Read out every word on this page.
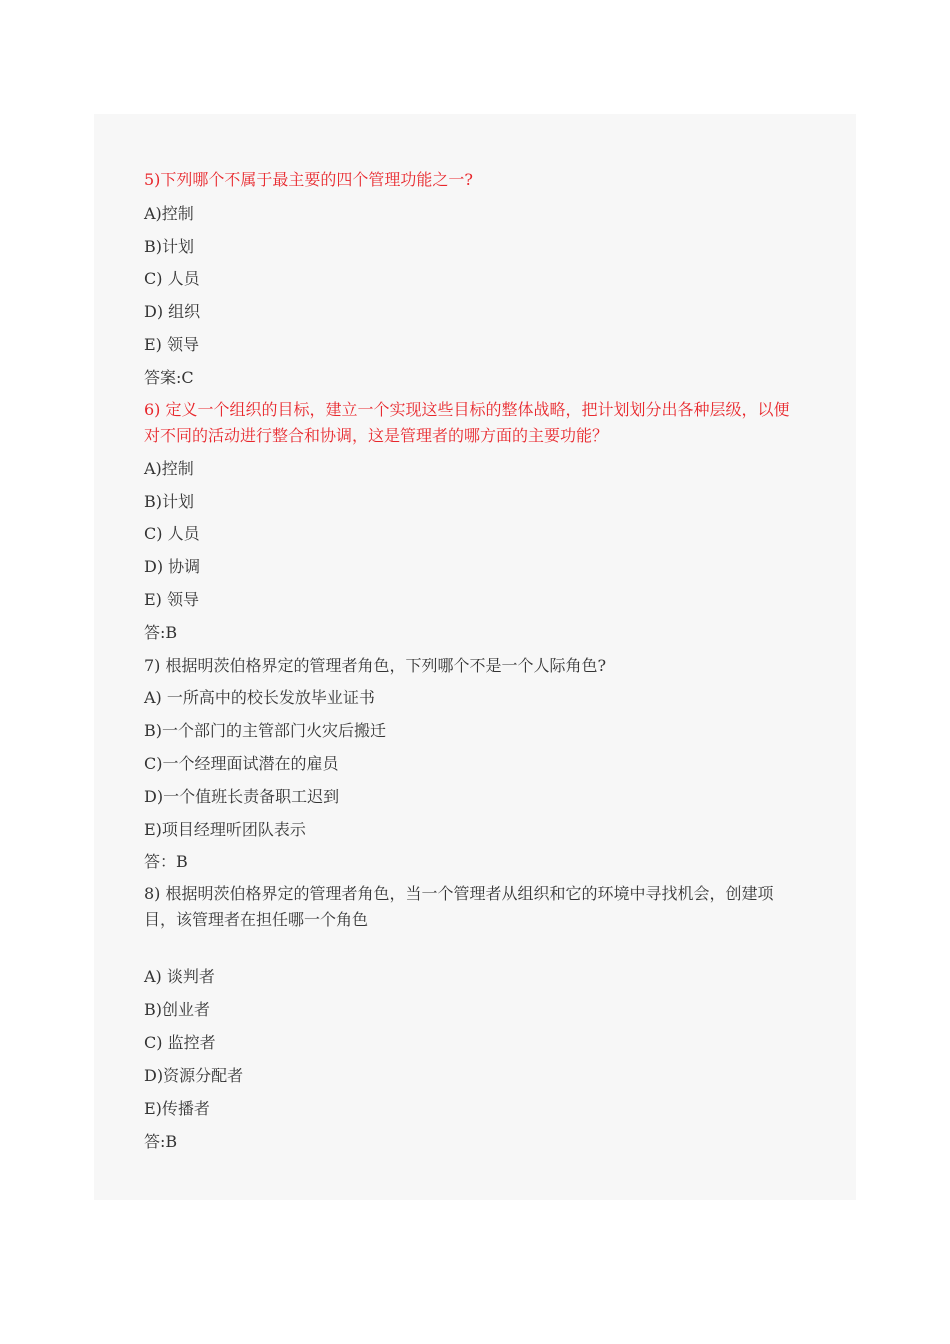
5)下列哪个不属于最主要的四个管理功能之一?

A)控制

B)计划

C) 人员

D) 组织

E) 领导

答案:C

6) 定义一个组织的目标，建立一个实现这些目标的整体战略，把计划划分出各种层级，以便对不同的活动进行整合和协调，这是管理者的哪方面的主要功能？

A)控制

B)计划

C) 人员

D) 协调

E) 领导

答:B

7) 根据明茨伯格界定的管理者角色，下列哪个不是一个人际角色?

A) 一所高中的校长发放毕业证书

B)一个部门的主管部门火灾后搬迁

C)一个经理面试潜在的雇员

D)一个值班长责备职工迟到

E)项目经理听团队表示

答：B

8) 根据明茨伯格界定的管理者角色，当一个管理者从组织和它的环境中寻找机会，创建项目，该管理者在担任哪一个角色

A) 谈判者

B)创业者

C) 监控者

D)资源分配者

E)传播者

答:B
